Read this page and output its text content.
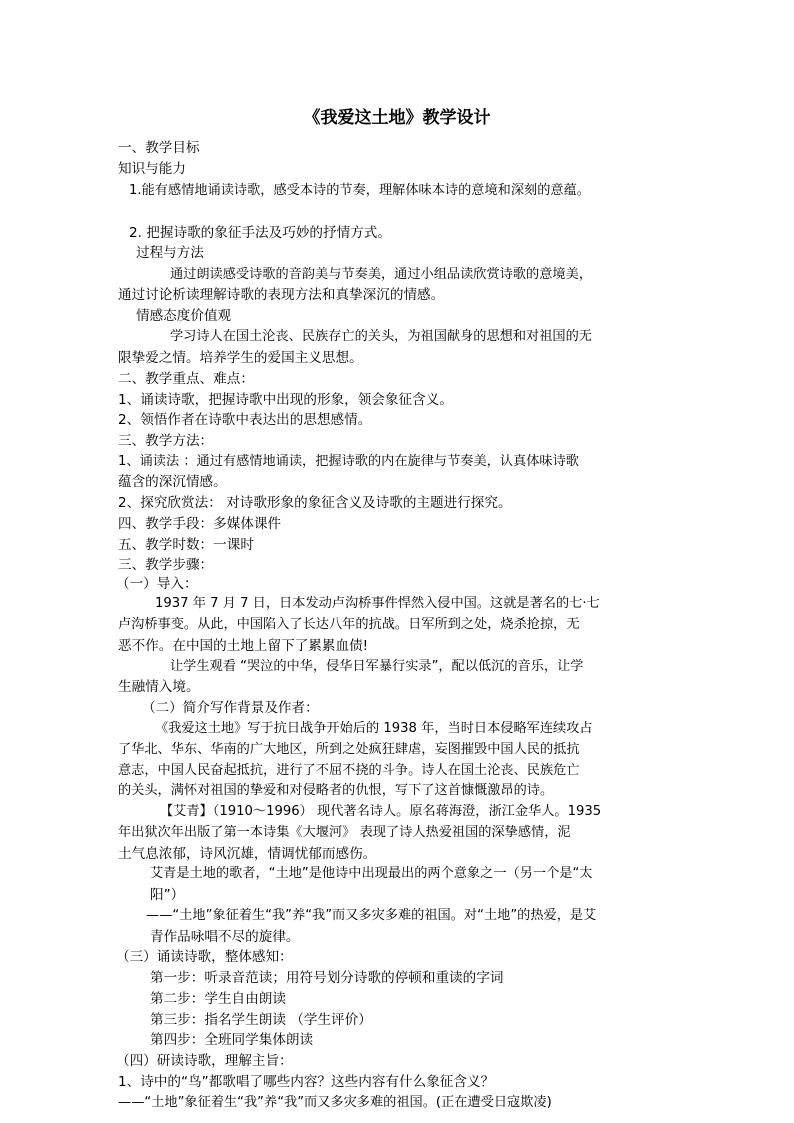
《我爱这土地》教学设计
一、教学目标
知识与能力
1.能有感情地诵读诗歌，感受本诗的节奏，理解体味本诗的意境和深刻的意蕴。
2. 把握诗歌的象征手法及巧妙的抒情方式。
过程与方法
通过朗读感受诗歌的音韵美与节奏美，通过小组品读欣赏诗歌的意境美，
通过讨论析读理解诗歌的表现方法和真挚深沉的情感。
情感态度价值观
学习诗人在国土沦丧、民族存亡的关头，为祖国献身的思想和对祖国的无
限挚爱之情。培养学生的爱国主义思想。
二、教学重点、难点：
1、诵读诗歌，把握诗歌中出现的形象，领会象征含义。
2、领悟作者在诗歌中表达出的思想感情。
三、教学方法：
1、诵读法 ：通过有感情地诵读，把握诗歌的内在旋律与节奏美，认真体味诗歌
蕴含的深沉情感。
2、探究欣赏法： 对诗歌形象的象征含义及诗歌的主题进行探究。
四、教学手段：多媒体课件
五、教学时数：一课时
三、教学步骤：
（一）导入：
1937 年 7 月 7 日，日本发动卢沟桥事件悍然入侵中国。这就是著名的七·七
卢沟桥事变。从此，中国陷入了长达八年的抗战。日军所到之处，烧杀抢掠，无
恶不作。在中国的土地上留下了累累血债!
让学生观看 “哭泣的中华，侵华日军暴行实录”，配以低沉的音乐，让学
生融情入境。
（二）简介写作背景及作者：
《我爱这土地》写于抗日战争开始后的 1938 年，当时日本侵略军连续攻占
了华北、华东、华南的广大地区，所到之处疯狂肆虐，妄图摧毁中国人民的抵抗
意志，中国人民奋起抵抗，进行了不屈不挠的斗争。诗人在国土沦丧、民族危亡
的关头，满怀对祖国的挚爱和对侵略者的仇恨，写下了这首慷慨激昂的诗。
【艾青】（1910～1996） 现代著名诗人。原名蒋海澄，浙江金华人。1935
年出狱次年出版了第一本诗集《大堰河》 表现了诗人热爱祖国的深挚感情，泥
土气息浓郁，诗风沉雄，情调忧郁而感伤。
艾青是土地的歌者，“土地”是他诗中出现最出的两个意象之一（另一个是“太
阳”）
——“土地”象征着生“我”养“我”而又多灾多难的祖国。对“土地”的热爱，是艾
青作品咏唱不尽的旋律。
（三）诵读诗歌，整体感知：
第一步：听录音范读；用符号划分诗歌的停顿和重读的字词
第二步：学生自由朗读
第三步：指名学生朗读 （学生评价）
第四步：全班同学集体朗读
（四）研读诗歌，理解主旨：
1、诗中的“鸟”都歌唱了哪些内容？这些内容有什么象征含义？
——“土地”象征着生“我”养“我”而又多灾多难的祖国。(正在遭受日寇欺凌)
